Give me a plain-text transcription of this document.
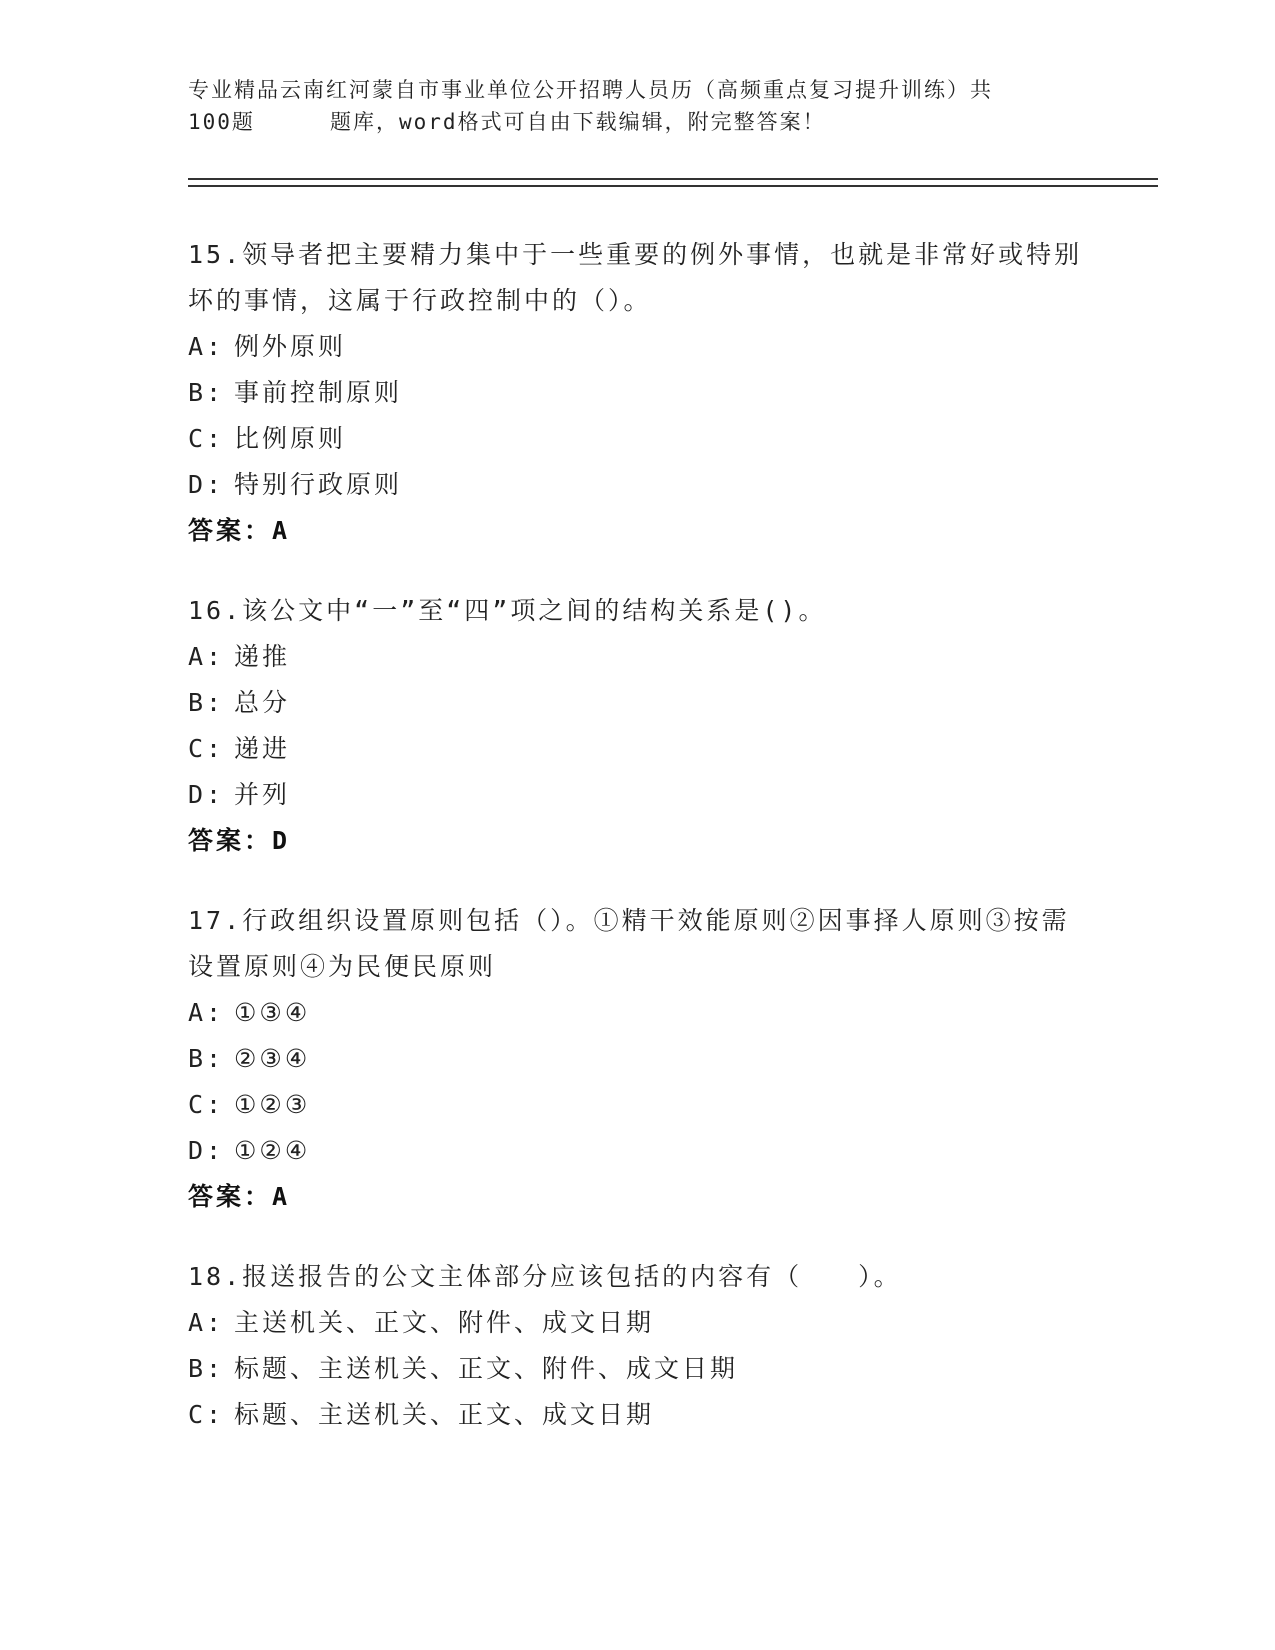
专业精品云南红河蒙自市事业单位公开招聘人员历（高频重点复习提升训练）共
100题	题库，word格式可自由下载编辑，附完整答案！
15.领导者把主要精力集中于一些重要的例外事情，也就是非常好或特别坏的事情，这属于行政控制中的（）。
A: 例外原则
B: 事前控制原则
C: 比例原则
D: 特别行政原则
答案：A
16.该公文中“一”至“四”项之间的结构关系是()。
A: 递推
B: 总分
C: 递进
D: 并列
答案：D
17.行政组织设置原则包括（）。①精干效能原则②因事择人原则③按需设置原则④为民便民原则
A: ①③④
B: ②③④
C: ①②③
D: ①②④
答案：A
18.报送报告的公文主体部分应该包括的内容有（　　）。
A: 主送机关、正文、附件、成文日期
B: 标题、主送机关、正文、附件、成文日期
C: 标题、主送机关、正文、成文日期
